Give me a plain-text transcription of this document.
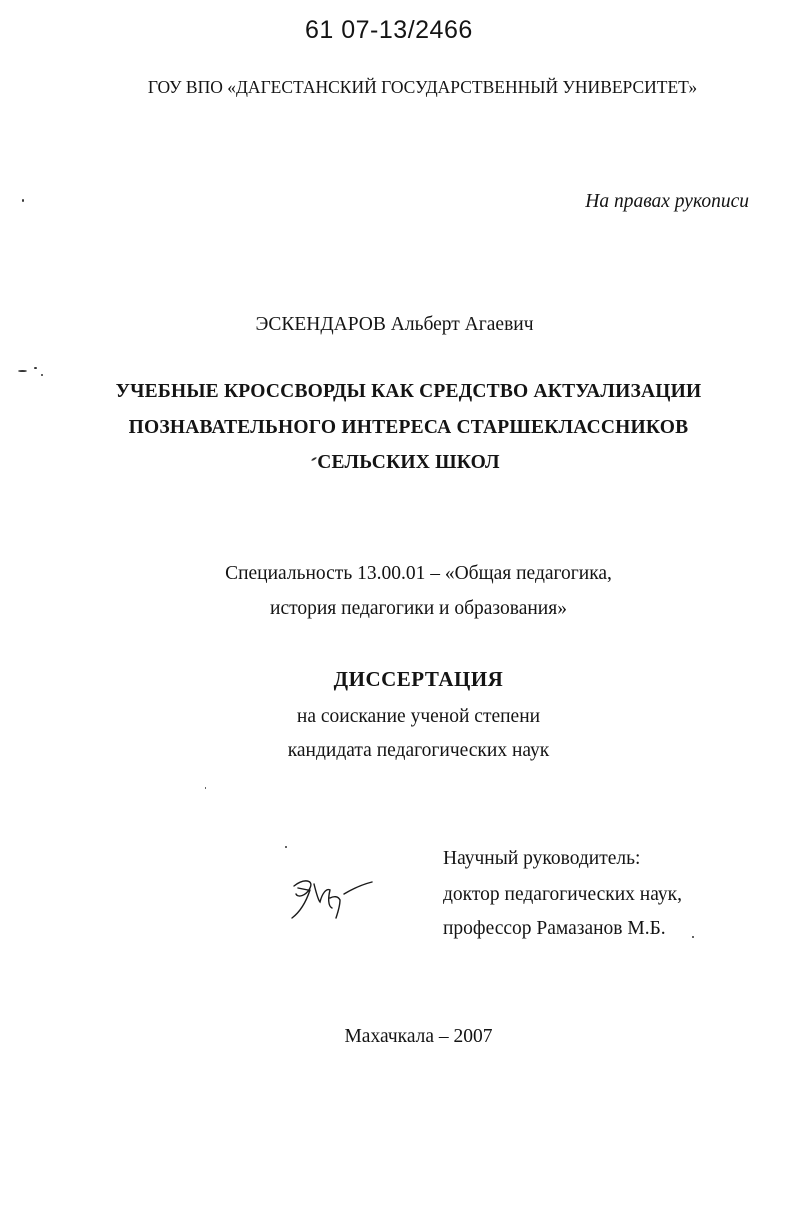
61 07-13/2466
ГОУ ВПО «ДАГЕСТАНСКИЙ ГОСУДАРСТВЕННЫЙ УНИВЕРСИТЕТ»
На правах рукописи
ЭСКЕНДАРОВ Альберт Агаевич
УЧЕБНЫЕ КРОССВОРДЫ КАК СРЕДСТВО АКТУАЛИЗАЦИИ
ПОЗНАВАТЕЛЬНОГО ИНТЕРЕСА СТАРШЕКЛАССНИКОВ
СЕЛЬСКИХ ШКОЛ
Специальность 13.00.01 – «Общая педагогика,
история педагогики и образования»
ДИССЕРТАЦИЯ
на соискание ученой степени
кандидата педагогических наук
Научный руководитель:
доктор педагогических наук,
профессор Рамазанов М.Б.
Махачкала – 2007
